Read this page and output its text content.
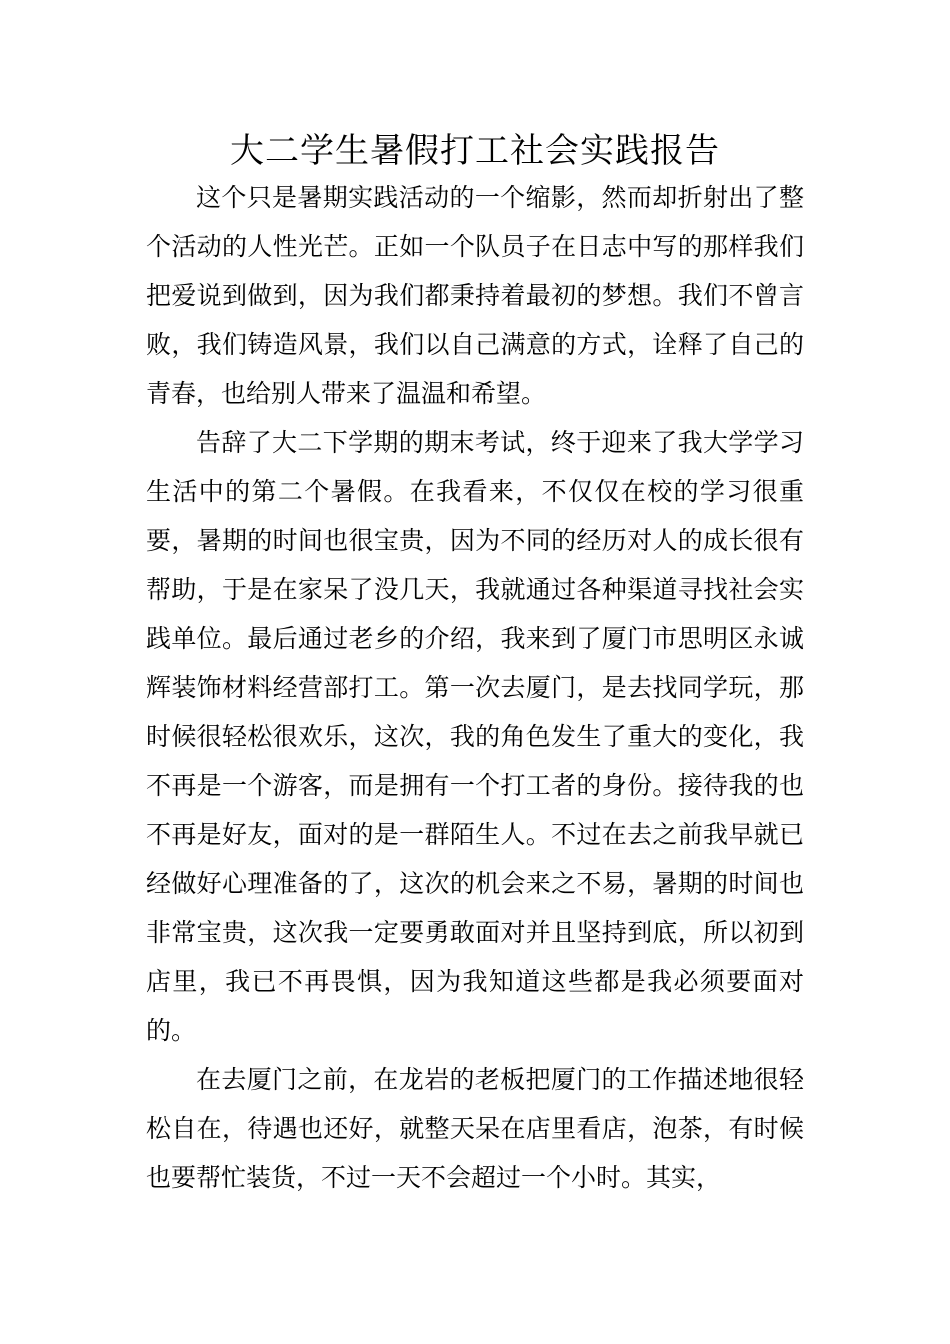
大二学生暑假打工社会实践报告

这个只是暑期实践活动的一个缩影，然而却折射出了整个活动的人性光芒。正如一个队员子在日志中写的那样我们把爱说到做到，因为我们都秉持着最初的梦想。我们不曾言败，我们铸造风景，我们以自己满意的方式，诠释了自己的青春，也给别人带来了温温和希望。

告辞了大二下学期的期末考试，终于迎来了我大学学习生活中的第二个暑假。在我看来，不仅仅在校的学习很重要，暑期的时间也很宝贵，因为不同的经历对人的成长很有帮助，于是在家呆了没几天，我就通过各种渠道寻找社会实践单位。最后通过老乡的介绍，我来到了厦门市思明区永诚辉装饰材料经营部打工。第一次去厦门，是去找同学玩，那时候很轻松很欢乐，这次，我的角色发生了重大的变化，我不再是一个游客，而是拥有一个打工者的身份。接待我的也不再是好友，面对的是一群陌生人。不过在去之前我早就已经做好心理准备的了，这次的机会来之不易，暑期的时间也非常宝贵，这次我一定要勇敢面对并且坚持到底，所以初到店里，我已不再畏惧，因为我知道这些都是我必须要面对的。

在去厦门之前，在龙岩的老板把厦门的工作描述地很轻松自在，待遇也还好，就整天呆在店里看店，泡茶，有时候也要帮忙装货，不过一天不会超过一个小时。其实，
